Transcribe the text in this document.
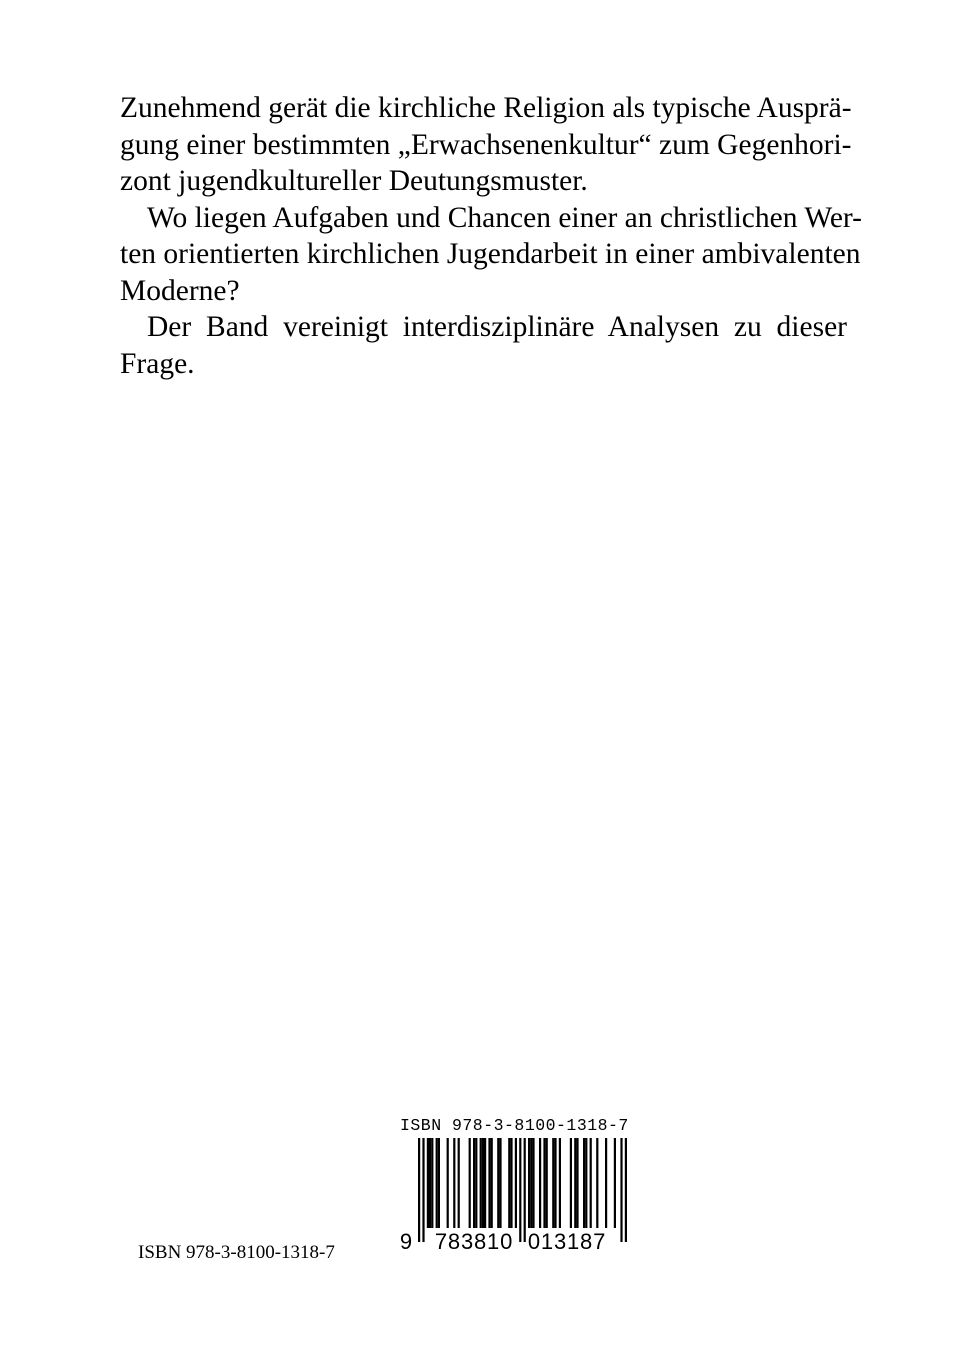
Zunehmend gerät die kirchliche Religion als typische Ausprä-
gung einer bestimmten „Erwachsenenkultur“ zum Gegenhori-
zont jugendkultureller Deutungsmuster.
Wo liegen Aufgaben und Chancen einer an christlichen Wer-
ten orientierten kirchlichen Jugendarbeit in einer ambivalenten
Moderne?
Der Band vereinigt interdisziplinäre Analysen zu dieser
Frage.
ISBN 978-3-8100-1318-7
9 783810 013187
ISBN 978-3-8100-1318-7
